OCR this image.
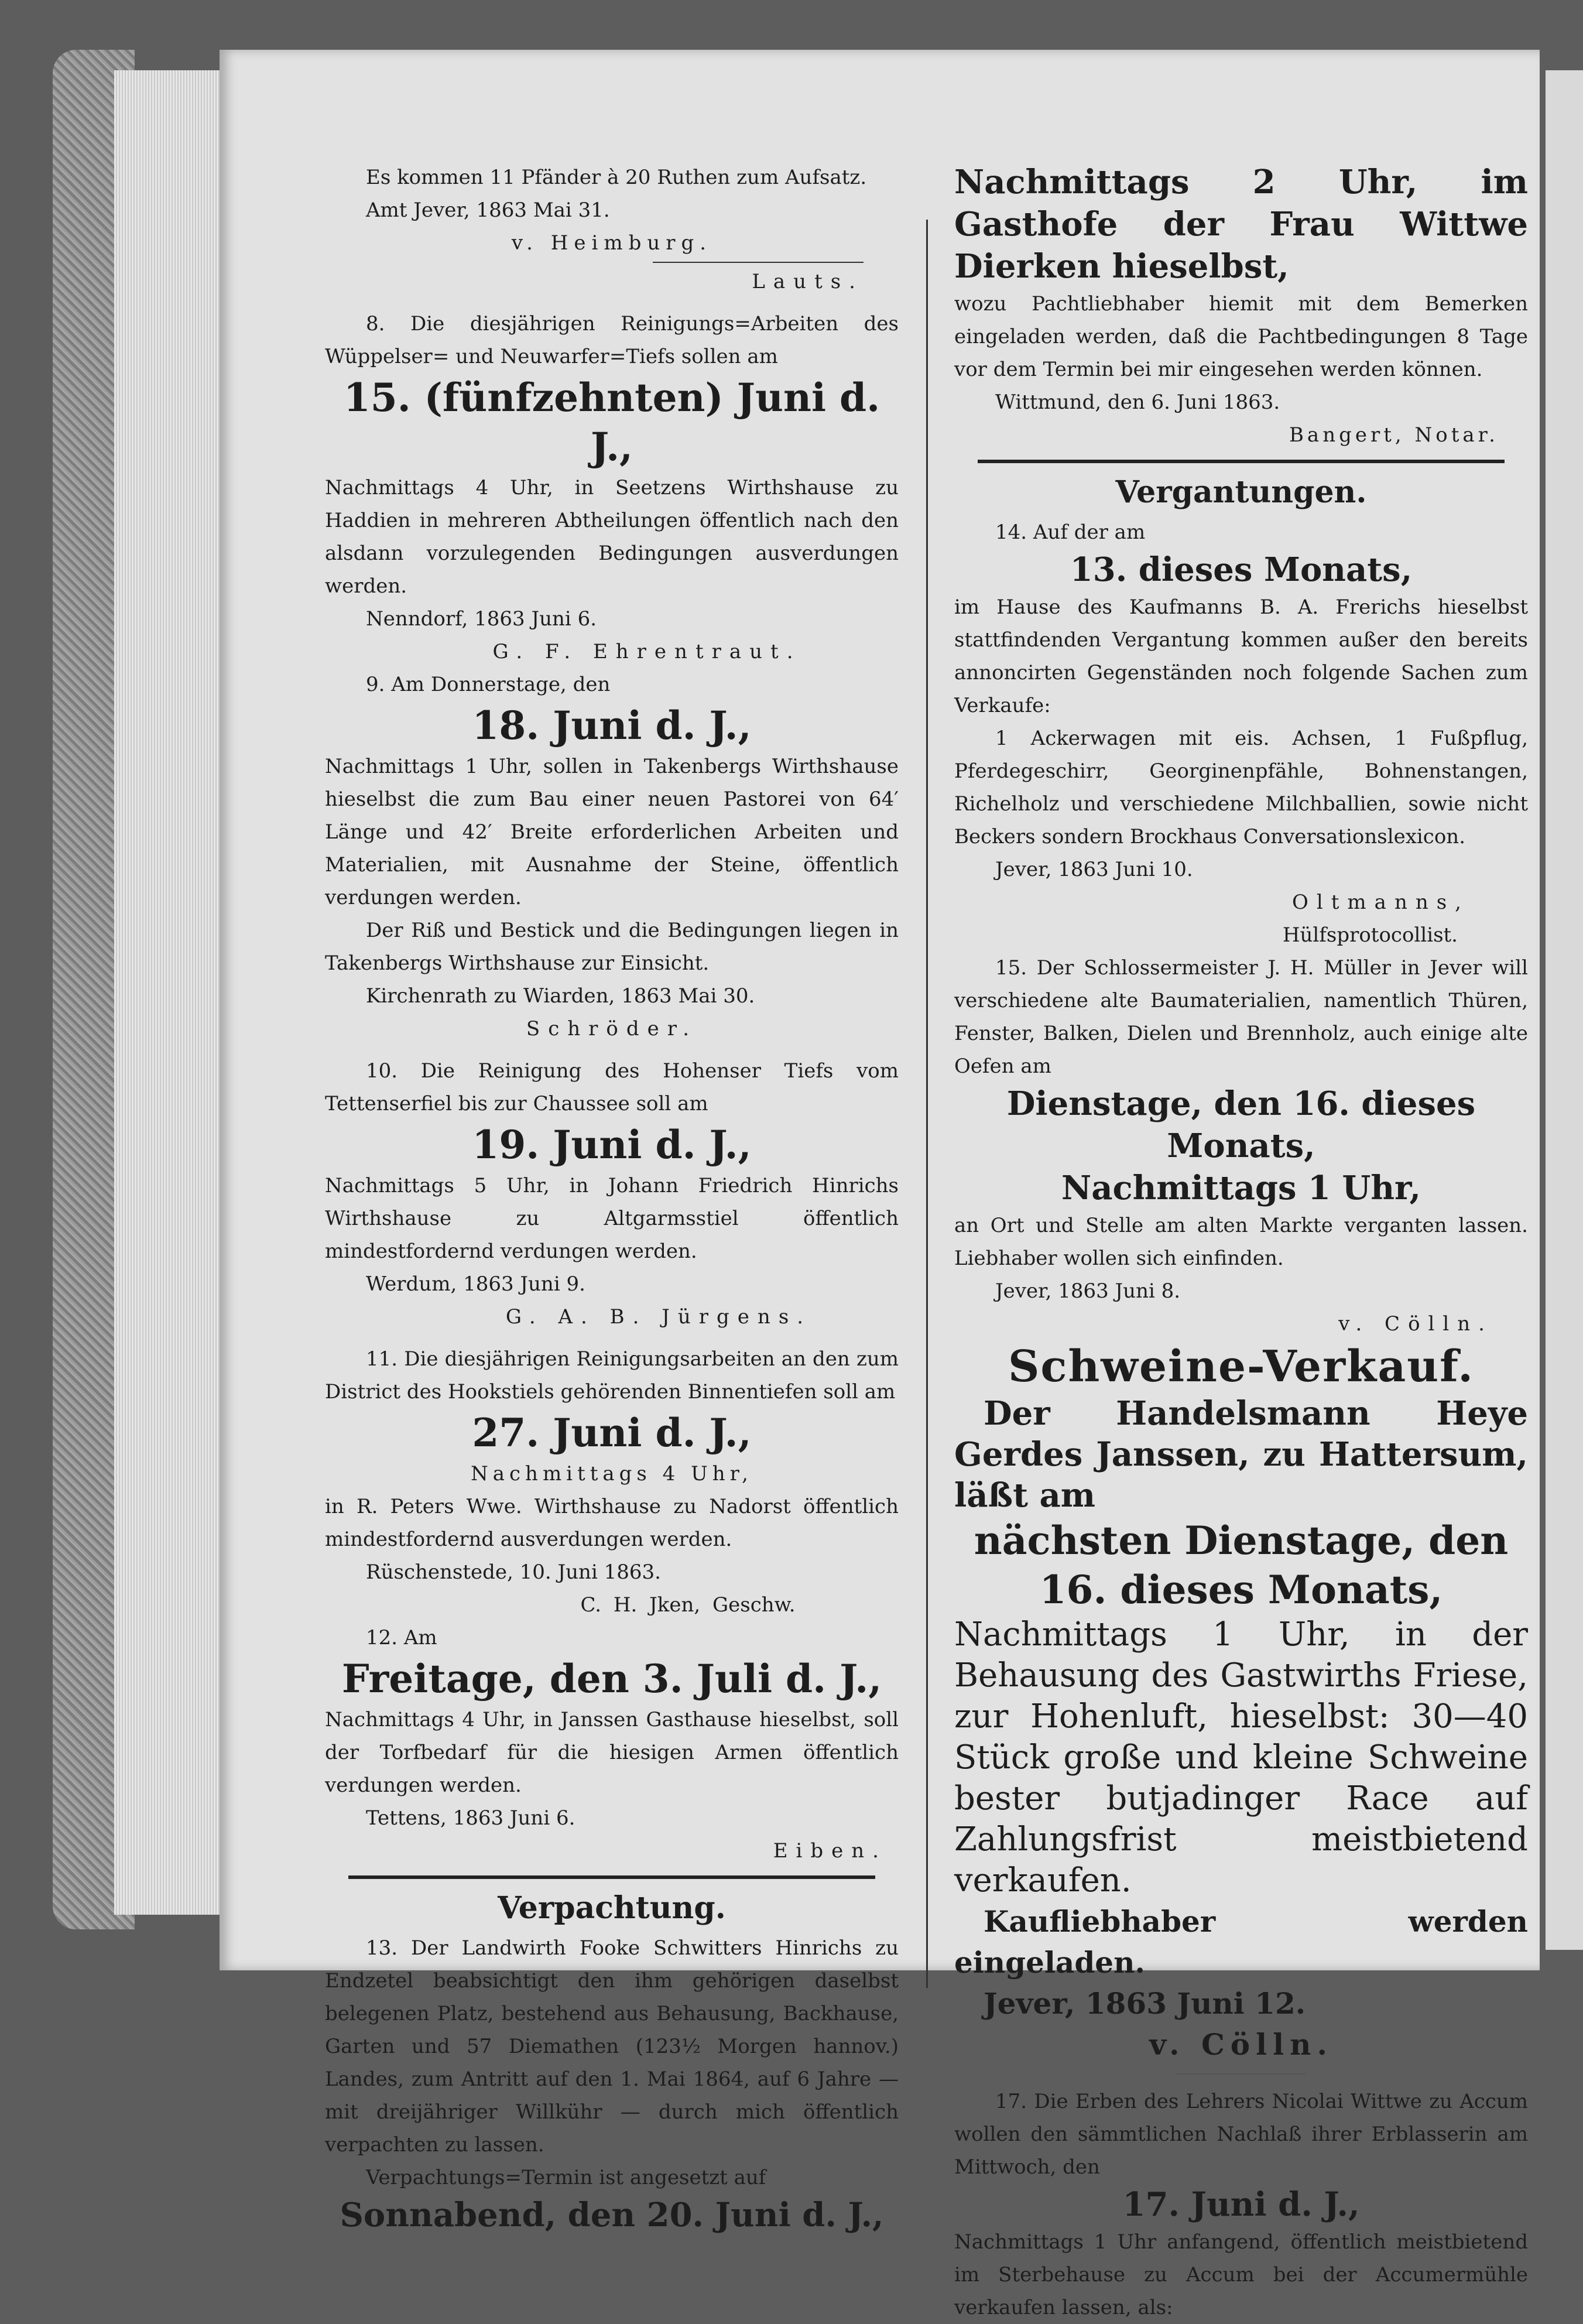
Es kommen 11 Pfänder à 20 Ruthen zum Aufsatz.

Amt Jever, 1863 Mai 31.

v. Heimburg.

Lauts.

8. Die diesjährigen Reinigungs=Arbeiten des Wüppelser= und Neuwarfer=Tiefs sollen am

15. (fünfzehnten) Juni d. J.,

Nachmittags 4 Uhr, in Seetzens Wirthshause zu Haddien in mehreren Abtheilungen öffentlich nach den alsdann vorzulegenden Bedingungen ausverdungen werden.

Nenndorf, 1863 Juni 6.

G. F. Ehrentraut.

9. Am Donnerstage, den

18. Juni d. J.,

Nachmittags 1 Uhr, sollen in Takenbergs Wirthshause hieselbst die zum Bau einer neuen Pastorei von 64′ Länge und 42′ Breite erforderlichen Arbeiten und Materialien, mit Ausnahme der Steine, öffentlich verdungen werden.

Der Riß und Bestick und die Bedingungen liegen in Takenbergs Wirthshause zur Einsicht.

Kirchenrath zu Wiarden, 1863 Mai 30.

Schröder.

10. Die Reinigung des Hohenser Tiefs vom Tettenserfiel bis zur Chaussee soll am

19. Juni d. J.,

Nachmittags 5 Uhr, in Johann Friedrich Hinrichs Wirthshause zu Altgarmsstiel öffentlich mindestfordernd verdungen werden.

Werdum, 1863 Juni 9.

G. A. B. Jürgens.

11. Die diesjährigen Reinigungsarbeiten an den zum District des Hookstiels gehörenden Binnentiefen soll am

27. Juni d. J.,

Nachmittags 4 Uhr,

in R. Peters Wwe. Wirthshause zu Nadorst öffentlich mindestfordernd ausverdungen werden.

Rüschenstede, 10. Juni 1863.

C. H. Jken, Geschw.

12. Am

Freitage, den 3. Juli d. J.,

Nachmittags 4 Uhr, in Janssen Gasthause hieselbst, soll der Torfbedarf für die hiesigen Armen öffentlich verdungen werden.

Tettens, 1863 Juni 6.

Eiben.

Verpachtung.

13. Der Landwirth Fooke Schwitters Hinrichs zu Endzetel beabsichtigt den ihm gehörigen daselbst belegenen Platz, bestehend aus Behausung, Backhause, Garten und 57 Diemathen (123½ Morgen hannov.) Landes, zum Antritt auf den 1. Mai 1864, auf 6 Jahre — mit dreijähriger Willkühr — durch mich öffentlich verpachten zu lassen.

Verpachtungs=Termin ist angesetzt auf

Sonnabend, den 20. Juni d. J.,

Nachmittags 2 Uhr, im Gasthofe der Frau Wittwe Dierken hieselbst,

wozu Pachtliebhaber hiemit mit dem Bemerken eingeladen werden, daß die Pachtbedingungen 8 Tage vor dem Termin bei mir eingesehen werden können.

Wittmund, den 6. Juni 1863.

Bangert, Notar.

Vergantungen.

14. Auf der am

13. dieses Monats,

im Hause des Kaufmanns B. A. Frerichs hieselbst stattfindenden Vergantung kommen außer den bereits annoncirten Gegenständen noch folgende Sachen zum Verkaufe:

1 Ackerwagen mit eis. Achsen, 1 Fußpflug, Pferdegeschirr, Georginenpfähle, Bohnenstangen, Richelholz und verschiedene Milchballien, sowie nicht Beckers sondern Brockhaus Conversationslexicon.

Jever, 1863 Juni 10.

Oltmanns,

Hülfsprotocollist.

15. Der Schlossermeister J. H. Müller in Jever will verschiedene alte Baumaterialien, namentlich Thüren, Fenster, Balken, Dielen und Brennholz, auch einige alte Oefen am

Dienstage, den 16. dieses Monats,

Nachmittags 1 Uhr,

an Ort und Stelle am alten Markte verganten lassen. Liebhaber wollen sich einfinden.

Jever, 1863 Juni 8.

v. Cölln.

Schweine-Verkauf.

Der Handelsmann Heye Gerdes Janssen, zu Hattersum, läßt am

nächsten Dienstage, den

16. dieses Monats,

Nachmittags 1 Uhr, in der Behausung des Gastwirths Friese, zur Hohenluft, hieselbst: 30—40 Stück große und kleine Schweine bester butjadinger Race auf Zahlungsfrist meistbietend verkaufen.

Kaufliebhaber werden eingeladen.

Jever, 1863 Juni 12.

v. Cölln.

17. Die Erben des Lehrers Nicolai Wittwe zu Accum wollen den sämmtlichen Nachlaß ihrer Erblasserin am Mittwoch, den

17. Juni d. J.,

Nachmittags 1 Uhr anfangend, öffentlich meistbietend im Sterbehause zu Accum bei der Accumermühle verkaufen lassen, als:
